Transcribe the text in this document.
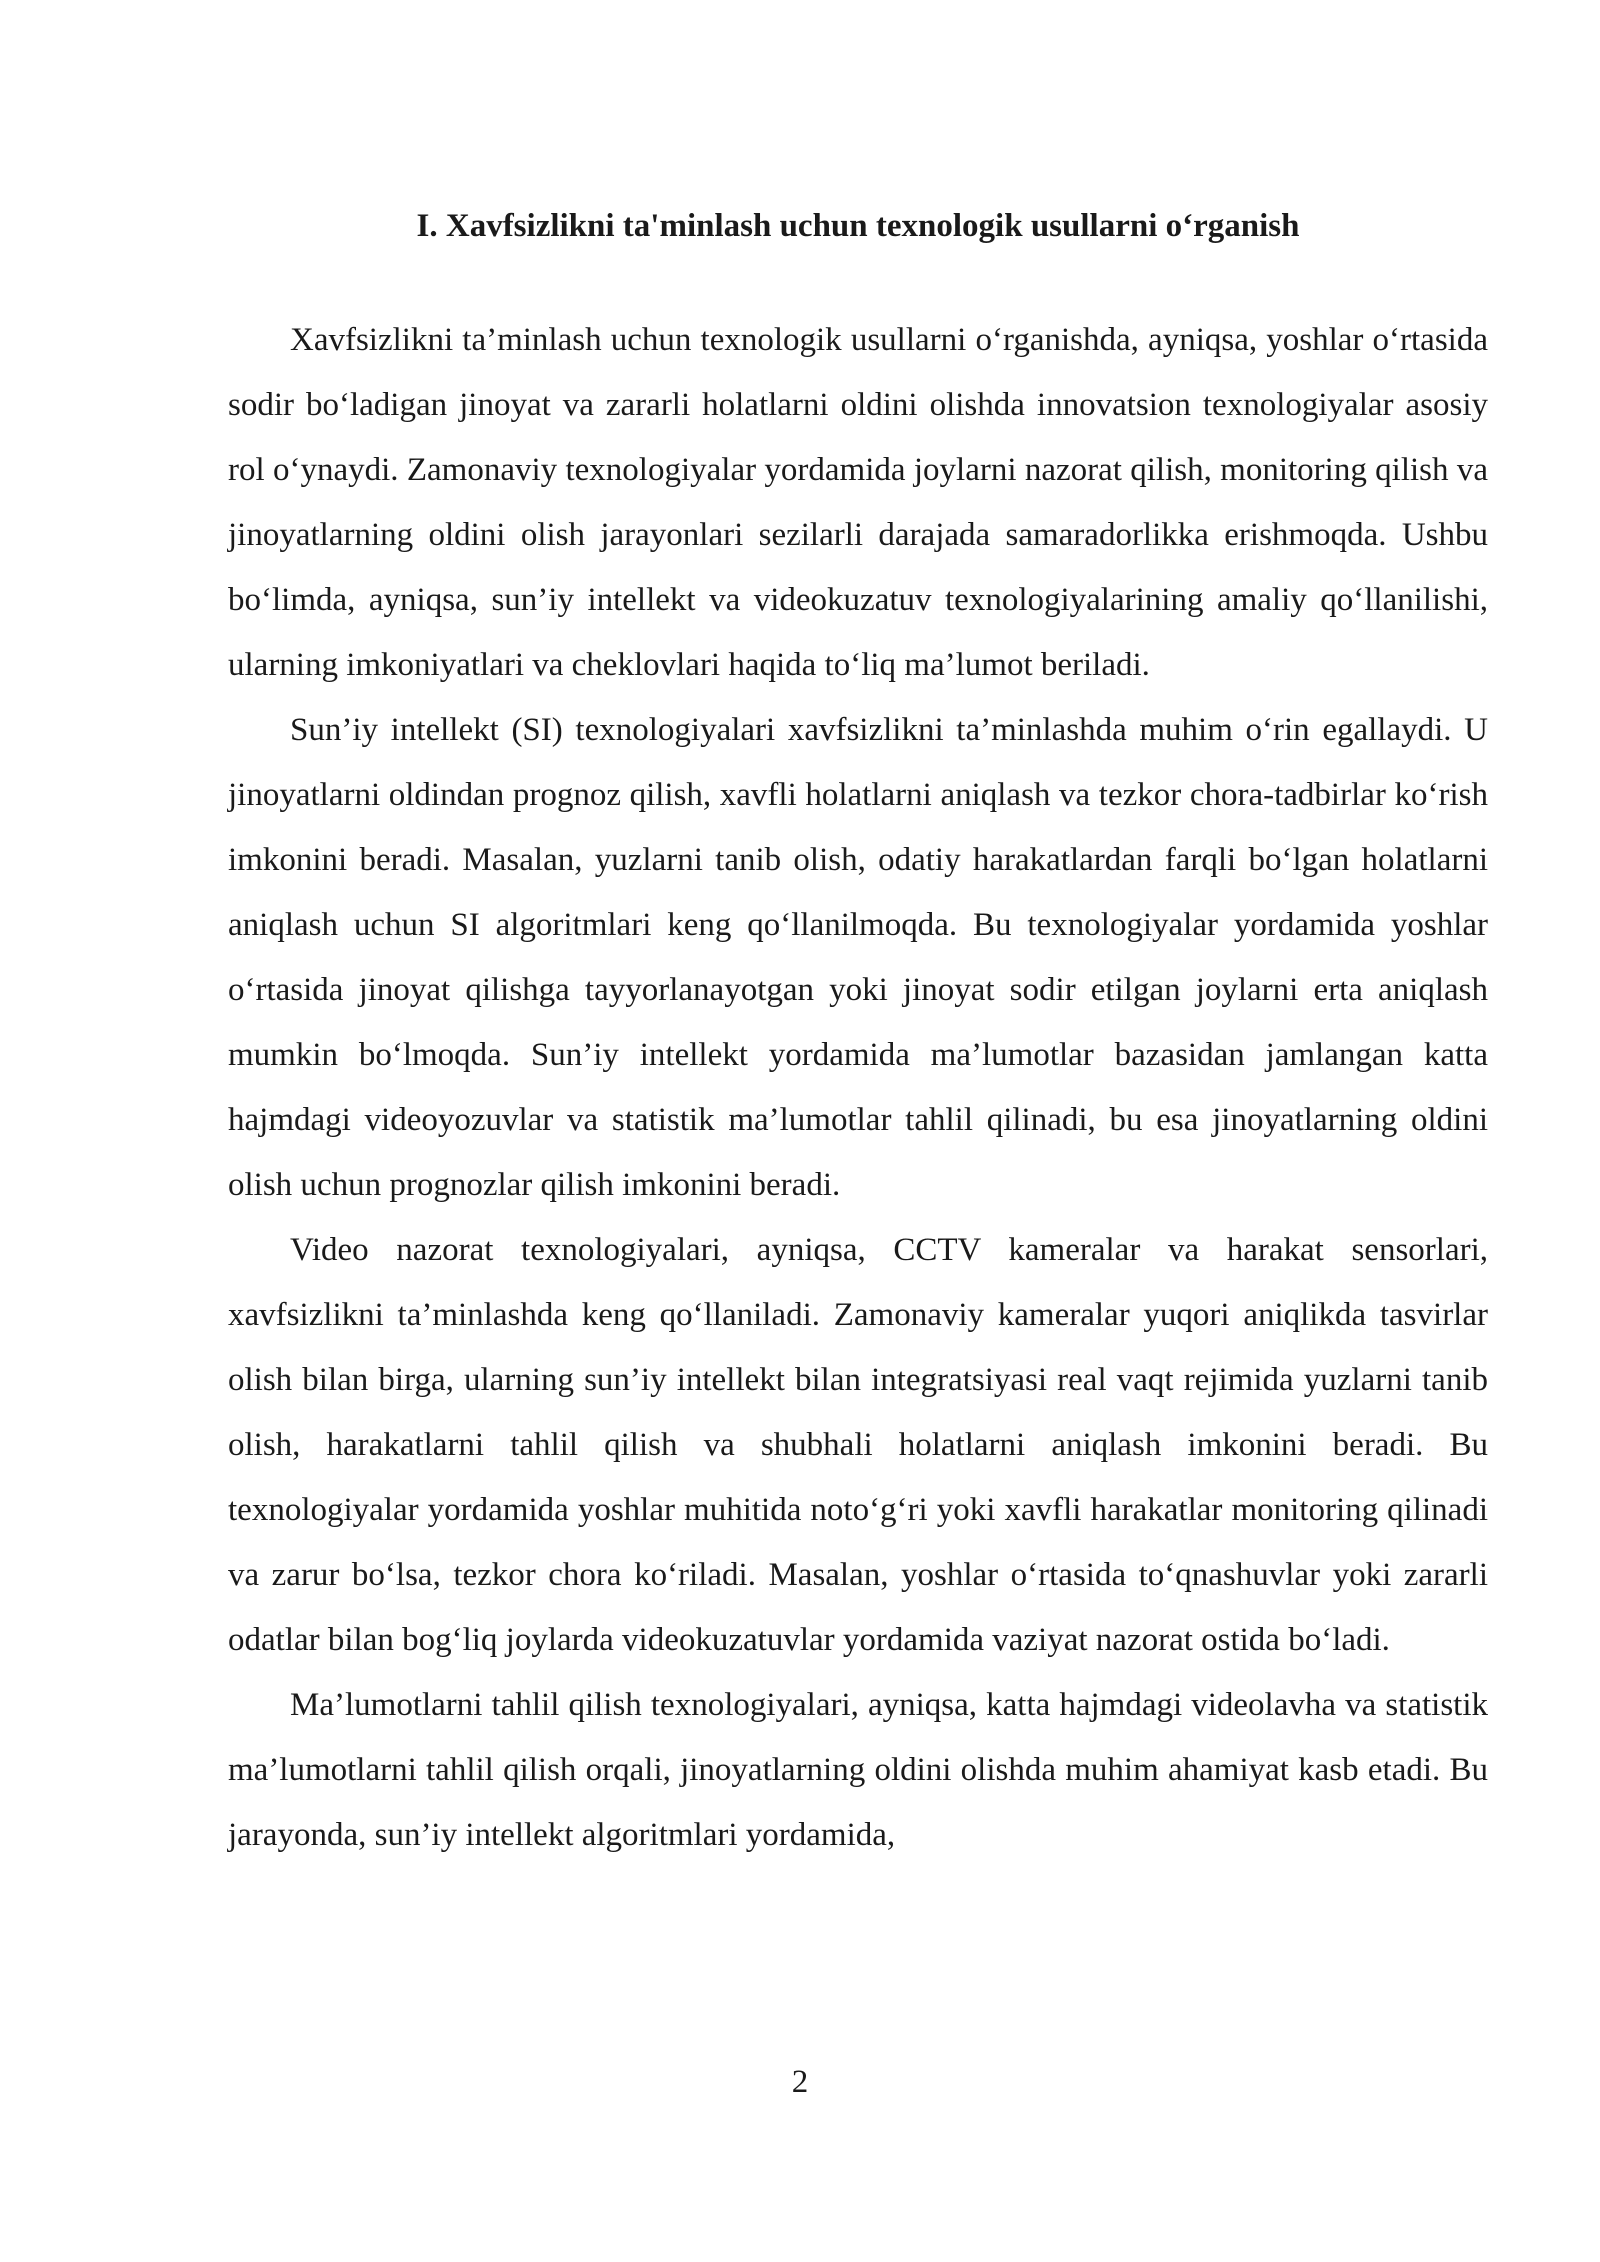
I. Xavfsizlikni ta'minlash uchun texnologik usullarni o‘rganish

Xavfsizlikni ta’minlash uchun texnologik usullarni o‘rganishda, ayniqsa, yoshlar o‘rtasida sodir bo‘ladigan jinoyat va zararli holatlarni oldini olishda innovatsion texnologiyalar asosiy rol o‘ynaydi. Zamonaviy texnologiyalar yordamida joylarni nazorat qilish, monitoring qilish va jinoyatlarning oldini olish jarayonlari sezilarli darajada samaradorlikka erishmoqda. Ushbu bo‘limda, ayniqsa, sun’iy intellekt va videokuzatuv texnologiyalarining amaliy qo‘llanilishi, ularning imkoniyatlari va cheklovlari haqida to‘liq ma’lumot beriladi.

Sun’iy intellekt (SI) texnologiyalari xavfsizlikni ta’minlashda muhim o‘rin egallaydi. U jinoyatlarni oldindan prognoz qilish, xavfli holatlarni aniqlash va tezkor chora-tadbirlar ko‘rish imkonini beradi. Masalan, yuzlarni tanib olish, odatiy harakatlardan farqli bo‘lgan holatlarni aniqlash uchun SI algoritmlari keng qo‘llanilmoqda. Bu texnologiyalar yordamida yoshlar o‘rtasida jinoyat qilishga tayyorlanayotgan yoki jinoyat sodir etilgan joylarni erta aniqlash mumkin bo‘lmoqda. Sun’iy intellekt yordamida ma’lumotlar bazasidan jamlangan katta hajmdagi videoyozuvlar va statistik ma’lumotlar tahlil qilinadi, bu esa jinoyatlarning oldini olish uchun prognozlar qilish imkonini beradi.

Video nazorat texnologiyalari, ayniqsa, CCTV kameralar va harakat sensorlari, xavfsizlikni ta’minlashda keng qo‘llaniladi. Zamonaviy kameralar yuqori aniqlikda tasvirlar olish bilan birga, ularning sun’iy intellekt bilan integratsiyasi real vaqt rejimida yuzlarni tanib olish, harakatlarni tahlil qilish va shubhali holatlarni aniqlash imkonini beradi. Bu texnologiyalar yordamida yoshlar muhitida noto‘g‘ri yoki xavfli harakatlar monitoring qilinadi va zarur bo‘lsa, tezkor chora ko‘riladi. Masalan, yoshlar o‘rtasida to‘qnashuvlar yoki zararli odatlar bilan bog‘liq joylarda videokuzatuvlar yordamida vaziyat nazorat ostida bo‘ladi.

Ma’lumotlarni tahlil qilish texnologiyalari, ayniqsa, katta hajmdagi videolavha va statistik ma’lumotlarni tahlil qilish orqali, jinoyatlarning oldini olishda muhim ahamiyat kasb etadi. Bu jarayonda, sun’iy intellekt algoritmlari yordamida,

2
